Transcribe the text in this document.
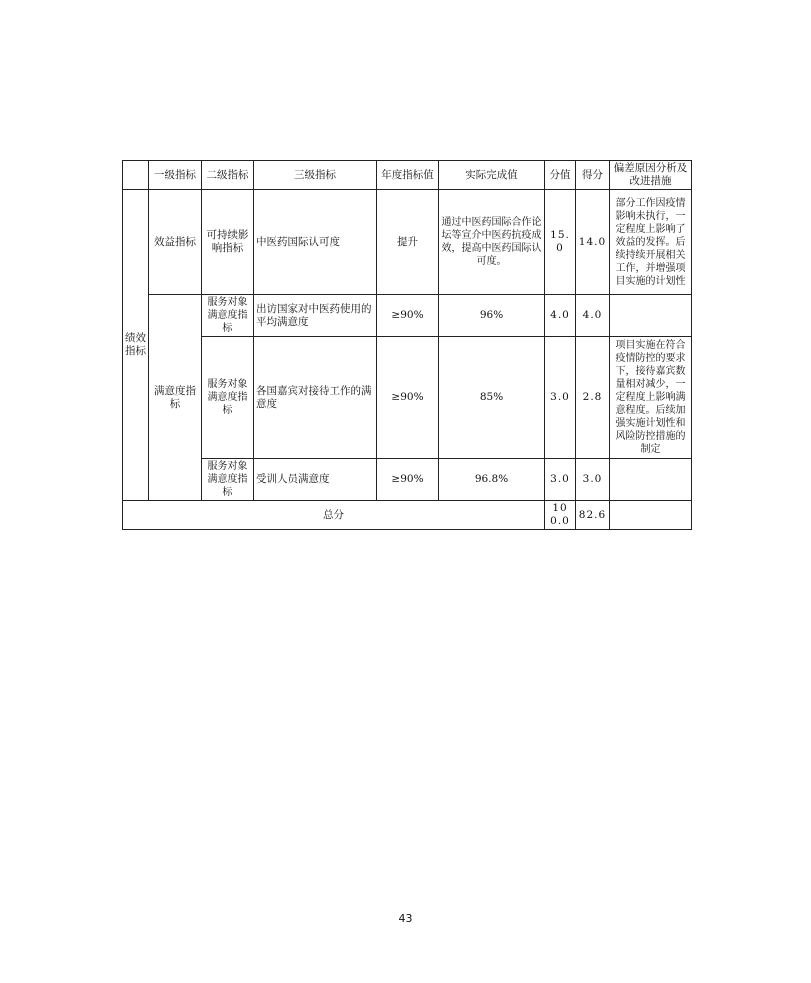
	一级指标	二级指标	三级指标	年度指标值	实际完成值	分值	得分	偏差原因分析及改进措施
绩效指标	效益指标	可持续影响指标	中医药国际认可度	提升	通过中医药国际合作论坛等宣介中医药抗疫成效，提高中医药国际认可度。	15.0	14.0	部分工作因疫情影响未执行，一定程度上影响了效益的发挥。后续持续开展相关工作，并增强项目实施的计划性
	满意度指标	服务对象满意度指标	出访国家对中医药使用的平均满意度	≥90%	96%	4.0	4.0	
		服务对象满意度指标	各国嘉宾对接待工作的满意度	≥90%	85%	3.0	2.8	项目实施在符合疫情防控的要求下，接待嘉宾数量相对减少，一定程度上影响满意程度。后续加强实施计划性和风险防控措施的制定
		服务对象满意度指标	受训人员满意度	≥90%	96.8%	3.0	3.0	
总分						100.0	82.6	
43
